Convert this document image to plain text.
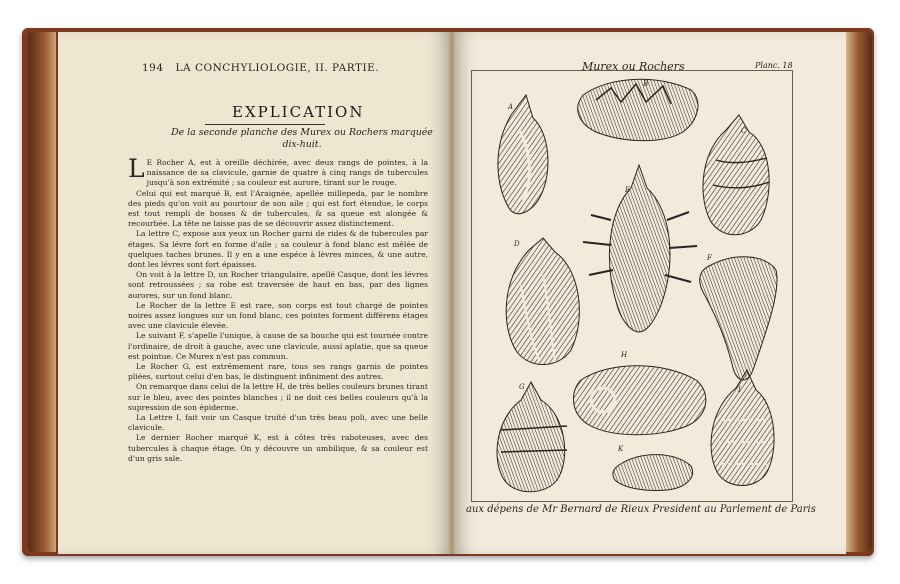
194 LA CONCHYLIOLOGIE, II. PARTIE.
EXPLICATION
De la seconde planche des Murex ou Rochers marquée dix-huit.

L E Rocher A, est à oreille déchirée, avec deux rangs de pointes, à la naissance de sa clavicule, garnie de quatre à cinq rangs de tubercules jusqu'à son extrémité ; sa couleur est aurore, tirant sur le rouge.

Celui qui est marqué B, est l'Araignée, apellée millepeda, par le nombre des pieds qu'on voit au pourtour de son aile ; qui est fort étendue, le corps est tout rempli de bosses & de tubercules, & sa queue est alongée & recourbée. La tête ne laisse pas de se découvrir assez distinctement.

La lettre C, expose aux yeux un Rocher garni de rides & de tubercules par étages. Sa lévre fort en forme d'aile ; sa couleur à fond blanc est mêlée de quelques taches brunes. Il y en a une espéce à lèvres minces, & une autre, dont les lévres sont fort épaisses.

On voit à la lettre D, un Rocher triangulaire, apellé Casque, dont les lévres sont retroussées ; sa robe est traversée de haut en bas, par des lignes aurores, sur un fond blanc.

Le Rocher de la lettre E est rare, son corps est tout chargé de pointes noires assez longues sur un fond blanc, ces pointes forment différens étages avec une clavicule élevée.

Le suivant F, s'apelle l'unique, à cause de sa bouche qui est tournée contre l'ordinaire, de droit à gauche, avec une clavicule, aussi aplatie, que sa queue est pointue. Ce Murex n'est pas commun.

Le Rocher G, est extrêmement rare, tous ses rangs garnis de pointes pliées, surtout celui d'en bas, le distinguent infiniment des autres.

On remarque dans celui de la lettre H, de très belles couleurs brunes tirant sur le bleu, avec des pointes blanches ; il ne doit ces belles couleurs qu'à la supression de son épiderme.

La Lettre I, fait voir un Casque truité d'un très beau poli, avec une belle clavicule.

Le dernier Rocher marqué K, est à côtes très raboteuses, avec des tubercules à chaque étage. On y découvre un umbilique, & sa couleur est d'un gris sale.

Murex ou Rochers	Planc. 18
A
B
C
D
E
F
G
H
I
K
aux dépens de Mr Bernard de Rieux President au Parlement de Paris
